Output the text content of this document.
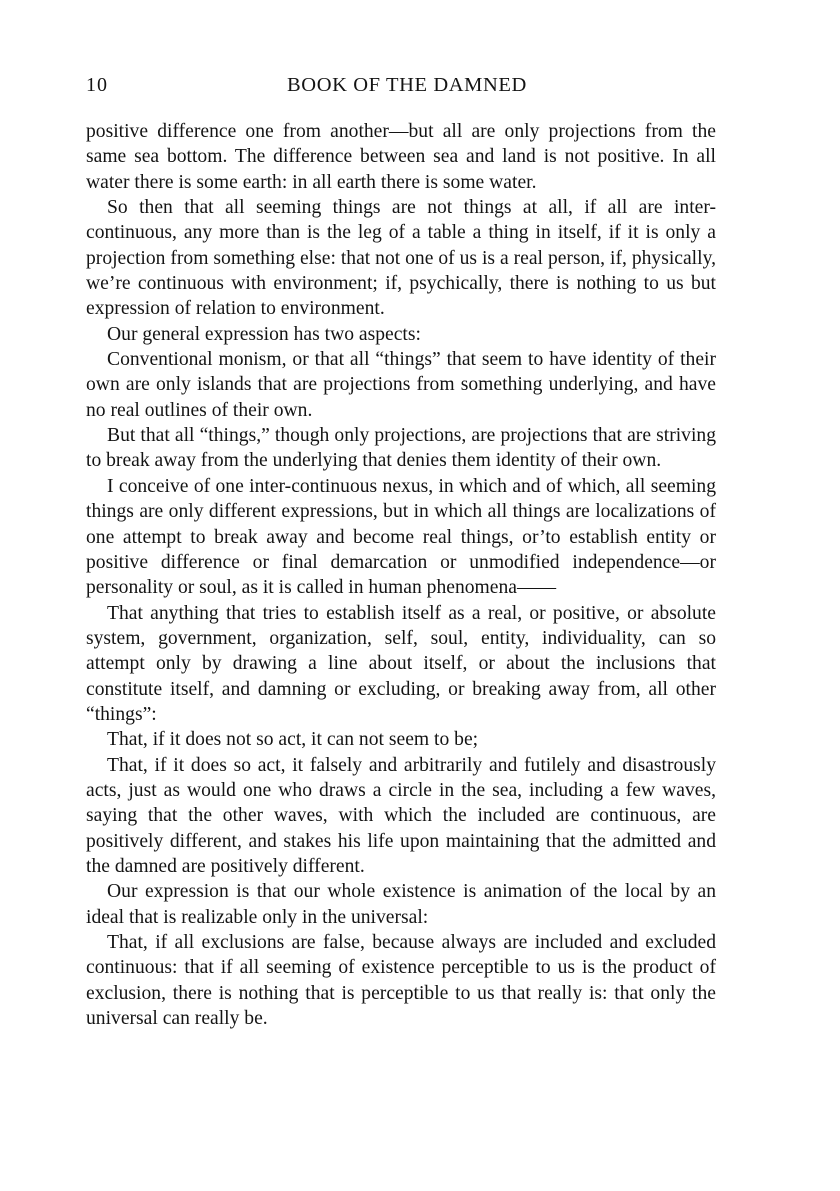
10	BOOK OF THE DAMNED

positive difference one from another—but all are only projections from the same sea bottom. The difference between sea and land is not positive. In all water there is some earth: in all earth there is some water.

So then that all seeming things are not things at all, if all are inter-continuous, any more than is the leg of a table a thing in itself, if it is only a projection from something else: that not one of us is a real person, if, physically, we’re continuous with environment; if, psychically, there is nothing to us but expression of relation to environment.

Our general expression has two aspects:

Conventional monism, or that all “things” that seem to have identity of their own are only islands that are projections from something underlying, and have no real outlines of their own.

But that all “things,” though only projections, are projections that are striving to break away from the underlying that denies them identity of their own.

I conceive of one inter-continuous nexus, in which and of which, all seeming things are only different expressions, but in which all things are localizations of one attempt to break away and become real things, or’to establish entity or positive difference or final demarcation or unmodified independence—or personality or soul, as it is called in human phenomena——

That anything that tries to establish itself as a real, or positive, or absolute system, government, organization, self, soul, entity, individuality, can so attempt only by drawing a line about itself, or about the inclusions that constitute itself, and damning or excluding, or breaking away from, all other “things”:

That, if it does not so act, it can not seem to be;

That, if it does so act, it falsely and arbitrarily and futilely and disastrously acts, just as would one who draws a circle in the sea, including a few waves, saying that the other waves, with which the included are continuous, are positively different, and stakes his life upon maintaining that the admitted and the damned are positively different.

Our expression is that our whole existence is animation of the local by an ideal that is realizable only in the universal:

That, if all exclusions are false, because always are included and excluded continuous: that if all seeming of existence perceptible to us is the product of exclusion, there is nothing that is perceptible to us that really is: that only the universal can really be.
